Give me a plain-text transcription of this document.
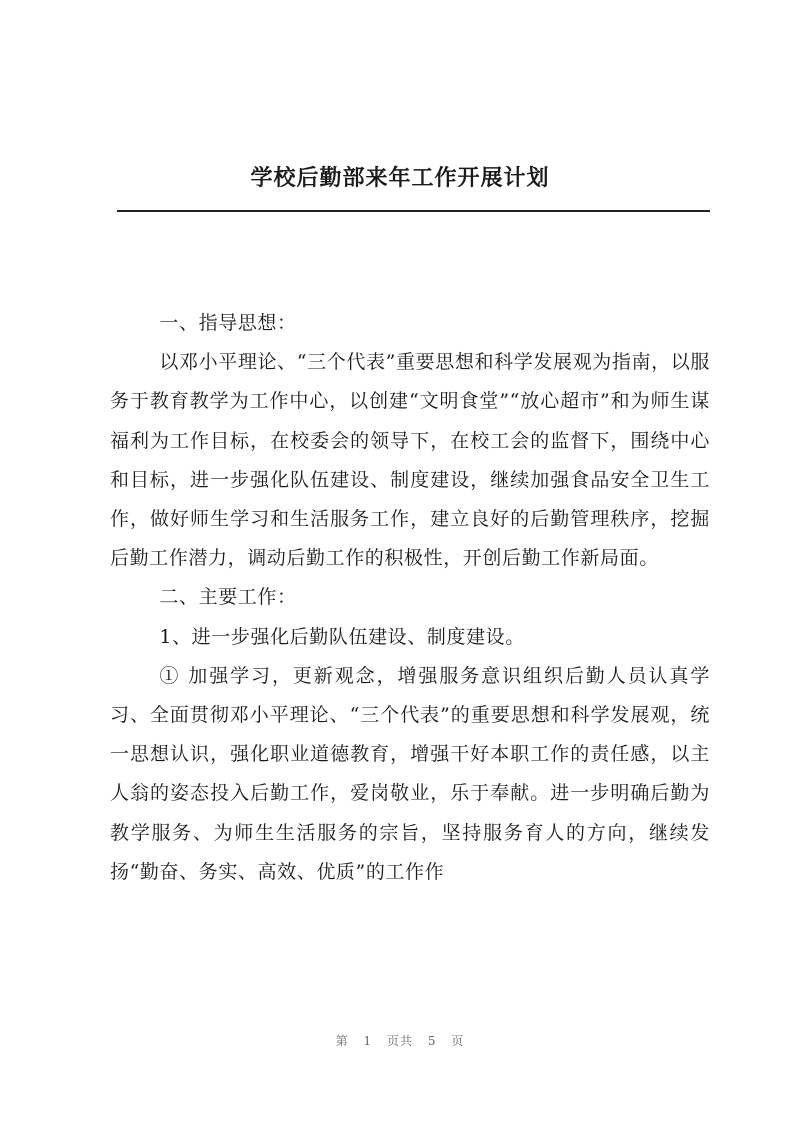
学校后勤部来年工作开展计划

一、指导思想：

以邓小平理论、“三个代表”重要思想和科学发展观为指南，以服务于教育教学为工作中心，以创建“文明食堂”“放心超市”和为师生谋福利为工作目标，在校委会的领导下，在校工会的监督下，围绕中心和目标，进一步强化队伍建设、制度建设，继续加强食品安全卫生工作，做好师生学习和生活服务工作，建立良好的后勤管理秩序，挖掘后勤工作潜力，调动后勤工作的积极性，开创后勤工作新局面。

二、主要工作：

1、进一步强化后勤队伍建设、制度建设。

① 加强学习，更新观念，增强服务意识组织后勤人员认真学习、全面贯彻邓小平理论、“三个代表”的重要思想和科学发展观，统一思想认识，强化职业道德教育，增强干好本职工作的责任感，以主人翁的姿态投入后勤工作，爱岗敬业，乐于奉献。进一步明确后勤为教学服务、为师生生活服务的宗旨，坚持服务育人的方向，继续发扬“勤奋、务实、高效、优质”的工作作

第 1 页共 5 页
